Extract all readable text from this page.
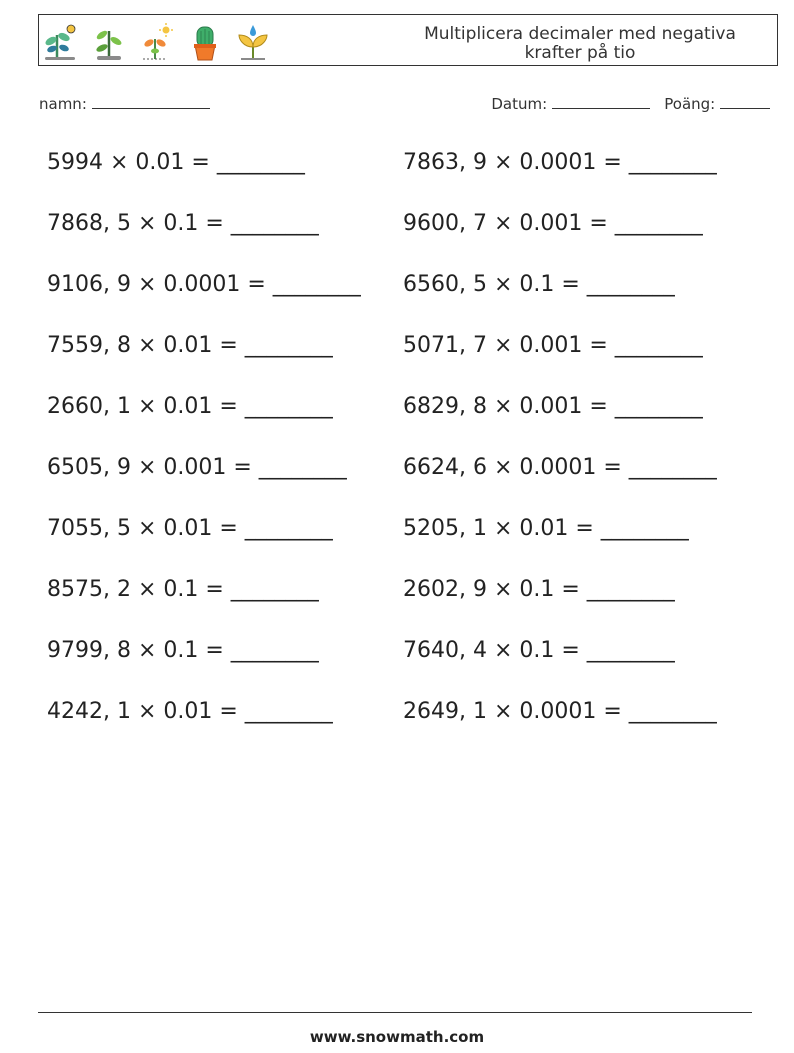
Multiplicera decimaler med negativa krafter på tio
namn:	Datum:	Poäng:
5994 × 0.01 = ________	7863, 9 × 0.0001 = ________
7868, 5 × 0.1 = ________	9600, 7 × 0.001 = ________
9106, 9 × 0.0001 = ________	6560, 5 × 0.1 = ________
7559, 8 × 0.01 = ________	5071, 7 × 0.001 = ________
2660, 1 × 0.01 = ________	6829, 8 × 0.001 = ________
6505, 9 × 0.001 = ________	6624, 6 × 0.0001 = ________
7055, 5 × 0.01 = ________	5205, 1 × 0.01 = ________
8575, 2 × 0.1 = ________	2602, 9 × 0.1 = ________
9799, 8 × 0.1 = ________	7640, 4 × 0.1 = ________
4242, 1 × 0.01 = ________	2649, 1 × 0.0001 = ________
www.snowmath.com
